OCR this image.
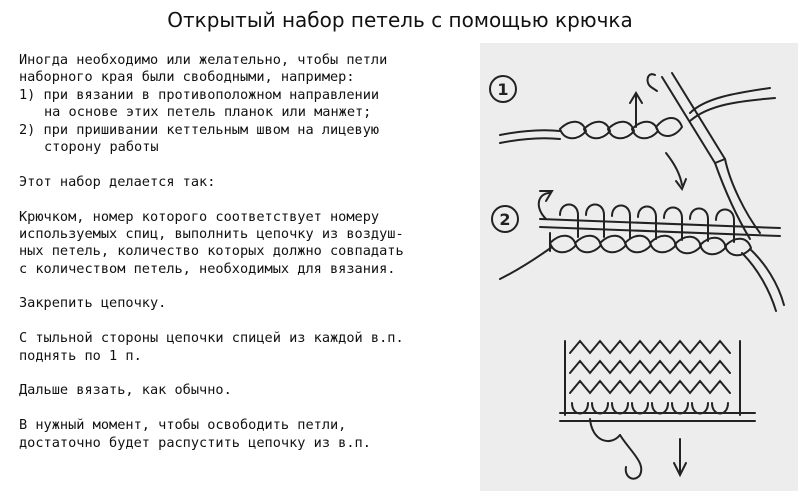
Открытый набор петель с помощью крючка
Иногда необходимо или желательно, чтобы петли
наборного края были свободными, например:
1) при вязании в противоположном направлении
на основе этих петель планок или манжет;
2) при пришивании кеттельным швом на лицевую
сторону работы
Этот набор делается так:
Крючком, номер которого соответствует номеру
используемых спиц, выполнить цепочку из воздуш-
ных петель, количество которых должно совпадать
с количеством петель, необходимых для вязания.
Закрепить цепочку.
С тыльной стороны цепочки спицей из каждой в.п.
поднять по 1 п.
Дальше вязать, как обычно.
В нужный момент, чтобы освободить петли,
достаточно будет распустить цепочку из в.п.
1
2
